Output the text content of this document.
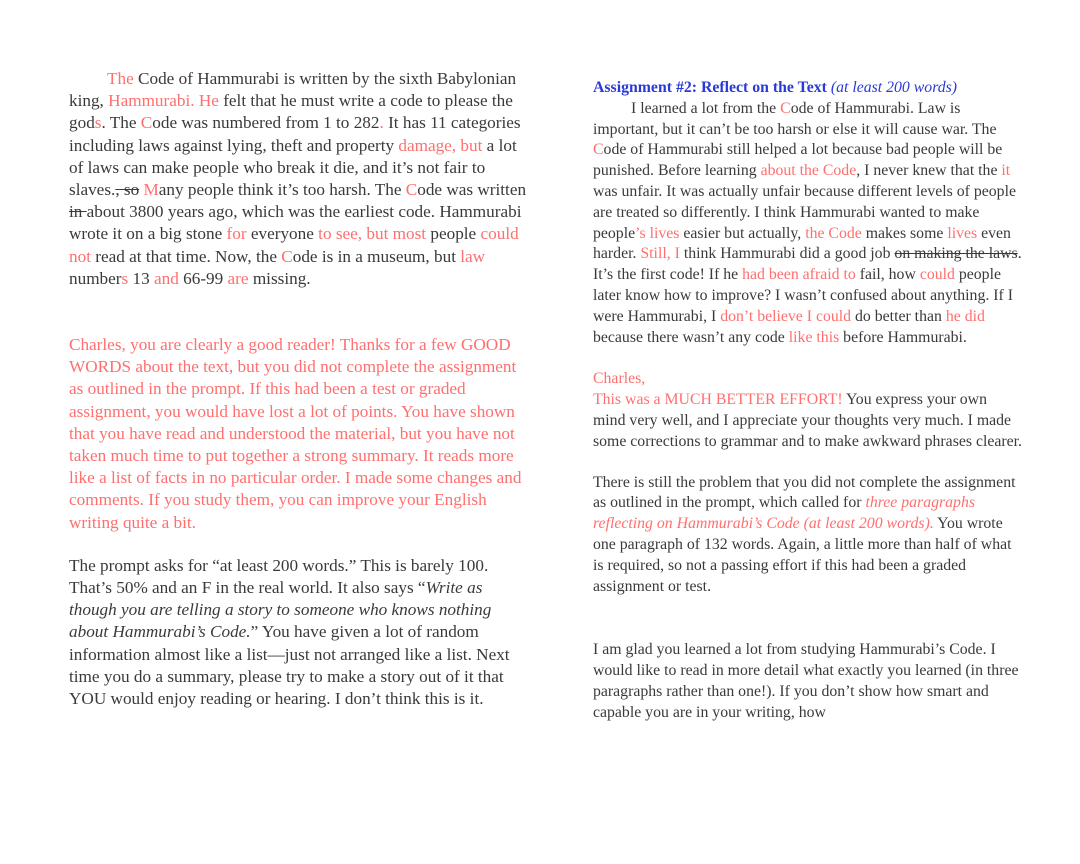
The Code of Hammurabi is written by the sixth Babylonian king, Hammurabi. He felt that he must write a code to please the gods. The Code was numbered from 1 to 282. It has 11 categories including laws against lying, theft and property damage, but a lot of laws can make people who break it die, and it’s not fair to slaves., so Many people think it’s too harsh. The Code was written in about 3800 years ago, which was the earliest code. Hammurabi wrote it on a big stone for everyone to see, but most people could not read at that time. Now, the Code is in a museum, but law numbers 13 and 66-99 are missing.

Charles, you are clearly a good reader! Thanks for a few GOOD WORDS about the text, but you did not complete the assignment as outlined in the prompt. If this had been a test or graded assignment, you would have lost a lot of points. You have shown that you have read and understood the material, but you have not taken much time to put together a strong summary. It reads more like a list of facts in no particular order. I made some changes and comments. If you study them, you can improve your English writing quite a bit.

The prompt asks for “at least 200 words.” This is barely 100. That’s 50% and an F in the real world. It also says “Write as though you are telling a story to someone who knows nothing about Hammurabi’s Code.” You have given a lot of random information almost like a list—just not arranged like a list. Next time you do a summary, please try to make a story out of it that YOU would enjoy reading or hearing. I don’t think this is it.

Assignment #2: Reflect on the Text (at least 200 words)

I learned a lot from the Code of Hammurabi. Law is important, but it can’t be too harsh or else it will cause war. The Code of Hammurabi still helped a lot because bad people will be punished. Before learning about the Code, I never knew that the it was unfair. It was actually unfair because different levels of people are treated so differently. I think Hammurabi wanted to make people’s lives easier but actually, the Code makes some lives even harder. Still, I think Hammurabi did a good job on making the laws. It’s the first code! If he had been afraid to fail, how could people later know how to improve? I wasn’t confused about anything. If I were Hammurabi, I don’t believe I could do better than he did because there wasn’t any code like this before Hammurabi.

Charles,
This was a MUCH BETTER EFFORT! You express your own mind very well, and I appreciate your thoughts very much. I made some corrections to grammar and to make awkward phrases clearer.

There is still the problem that you did not complete the assignment as outlined in the prompt, which called for three paragraphs reflecting on Hammurabi’s Code (at least 200 words). You wrote one paragraph of 132 words. Again, a little more than half of what is required, so not a passing effort if this had been a graded assignment or test.

I am glad you learned a lot from studying Hammurabi’s Code. I would like to read in more detail what exactly you learned (in three paragraphs rather than one!). If you don’t show how smart and capable you are in your writing, how
